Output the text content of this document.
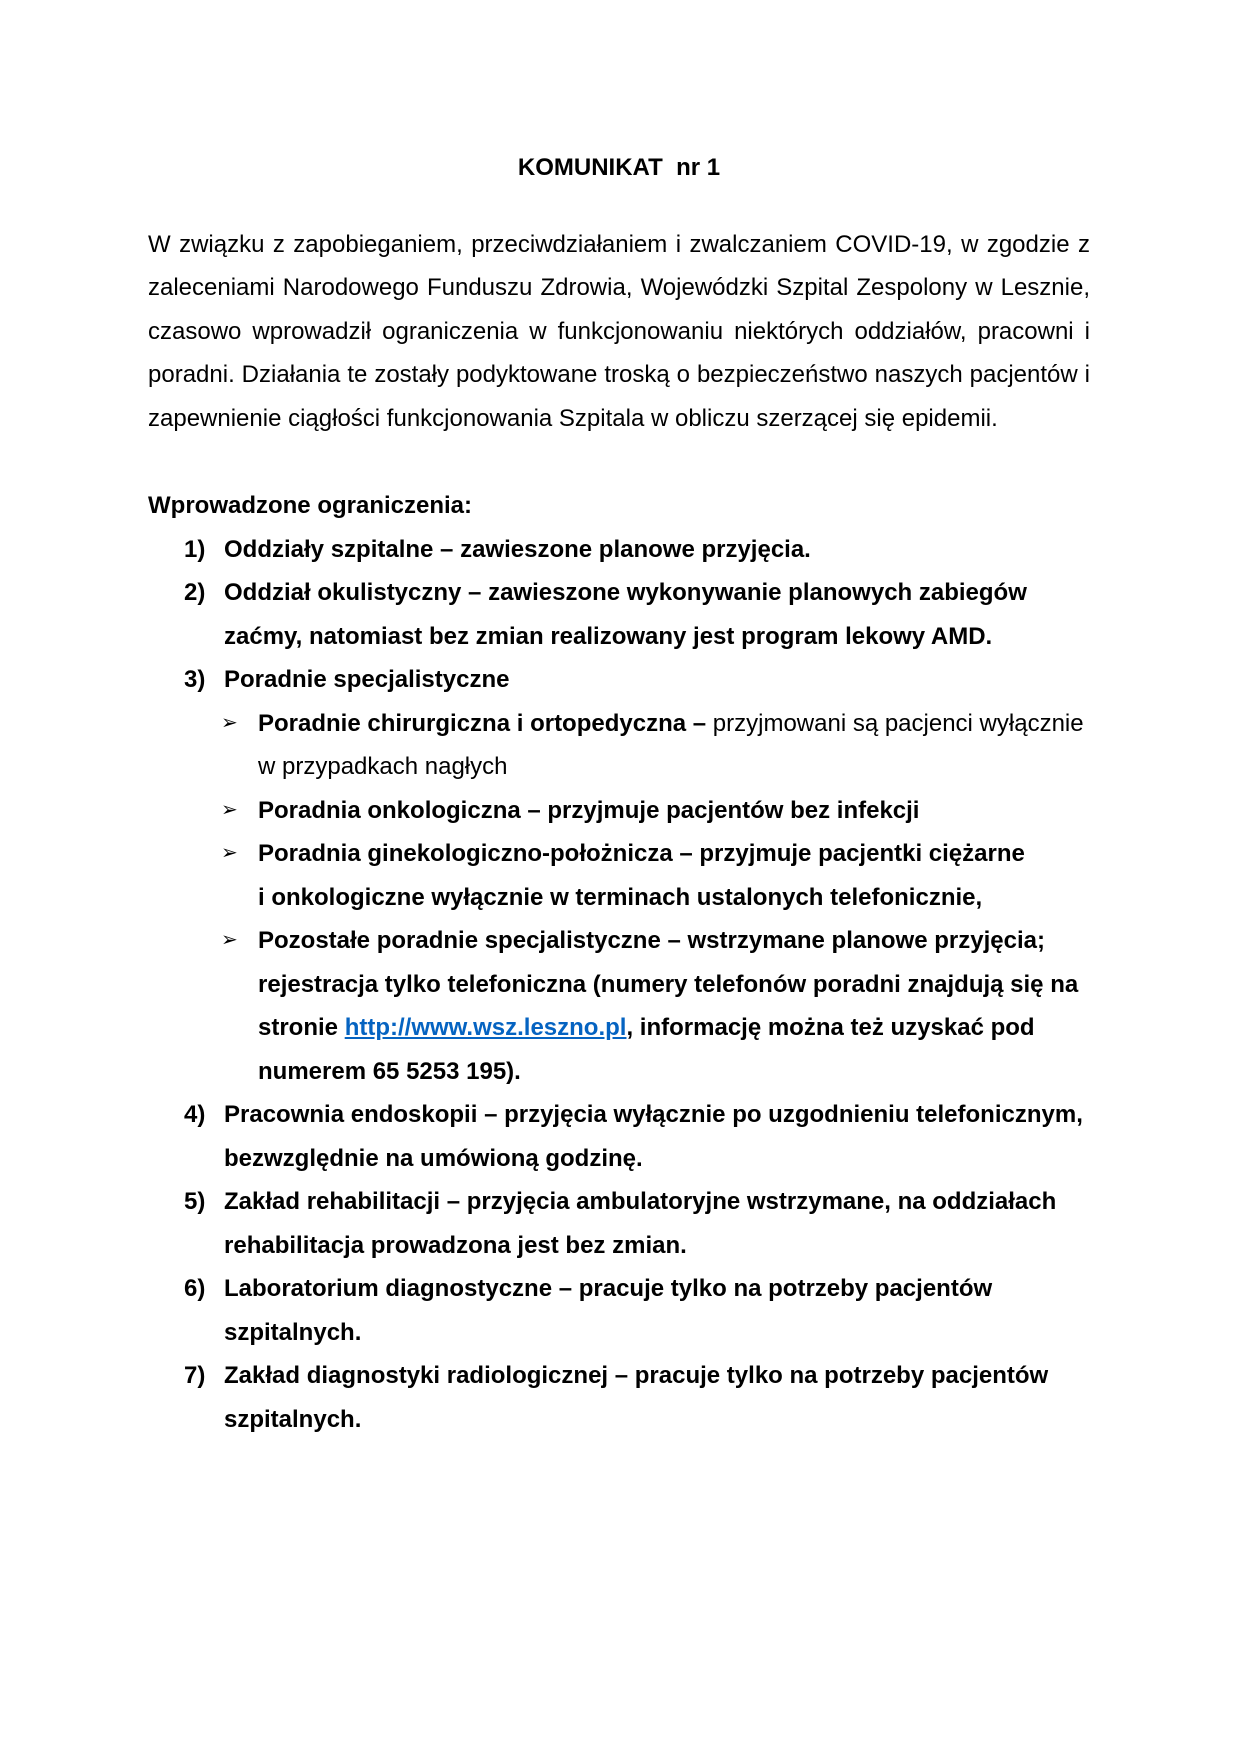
KOMUNIKAT  nr 1

W związku z zapobieganiem, przeciwdziałaniem i zwalczaniem COVID-19, w zgodzie z zaleceniami Narodowego Funduszu Zdrowia, Wojewódzki Szpital Zespolony w Lesznie, czasowo wprowadził ograniczenia w funkcjonowaniu niektórych oddziałów, pracowni i poradni. Działania te zostały podyktowane troską o bezpieczeństwo naszych pacjentów i zapewnienie ciągłości funkcjonowania Szpitala w obliczu szerzącej się epidemii.

Wprowadzone ograniczenia:
1) Oddziały szpitalne – zawieszone planowe przyjęcia.
2) Oddział okulistyczny – zawieszone wykonywanie planowych zabiegów zaćmy, natomiast bez zmian realizowany jest program lekowy AMD.
3) Poradnie specjalistyczne
➢ Poradnie chirurgiczna i ortopedyczna – przyjmowani są pacjenci wyłącznie w przypadkach nagłych
➢ Poradnia onkologiczna – przyjmuje pacjentów bez infekcji
➢ Poradnia ginekologiczno-położnicza – przyjmuje pacjentki ciężarne
i onkologiczne wyłącznie w terminach ustalonych telefonicznie,
➢ Pozostałe poradnie specjalistyczne – wstrzymane planowe przyjęcia; rejestracja tylko telefoniczna (numery telefonów poradni znajdują się na stronie http://www.wsz.leszno.pl, informację można też uzyskać pod numerem 65 5253 195).
4) Pracownia endoskopii – przyjęcia wyłącznie po uzgodnieniu telefonicznym, bezwzględnie na umówioną godzinę.
5) Zakład rehabilitacji – przyjęcia ambulatoryjne wstrzymane, na oddziałach rehabilitacja prowadzona jest bez zmian.
6) Laboratorium diagnostyczne – pracuje tylko na potrzeby pacjentów szpitalnych.
7) Zakład diagnostyki radiologicznej – pracuje tylko na potrzeby pacjentów szpitalnych.
